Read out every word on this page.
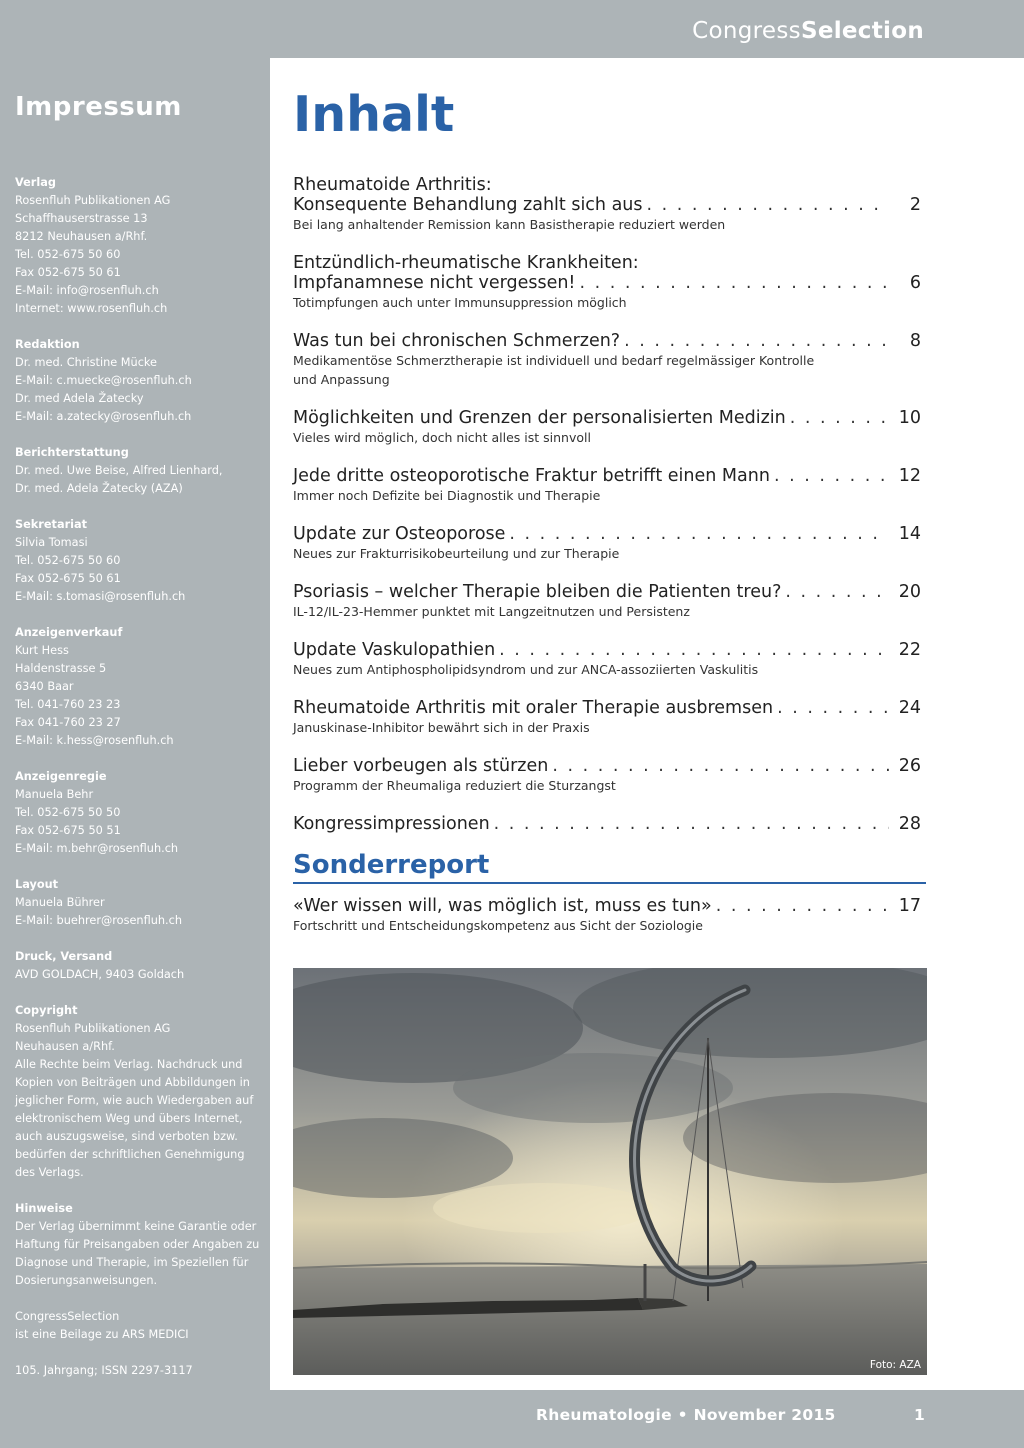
CongressSelection
Impressum
Verlag
Rosenfluh Publikationen AG
Schaffhauserstrasse 13
8212 Neuhausen a/Rhf.
Tel. 052-675 50 60
Fax 052-675 50 61
E-Mail: info@rosenfluh.ch
Internet: www.rosenfluh.ch
Redaktion
Dr. med. Christine Mücke
E-Mail: c.muecke@rosenfluh.ch
Dr. med Adela Žatecky
E-Mail: a.zatecky@rosenfluh.ch
Berichterstattung
Dr. med. Uwe Beise, Alfred Lienhard,
Dr. med. Adela Žatecky (AZA)
Sekretariat
Silvia Tomasi
Tel. 052-675 50 60
Fax 052-675 50 61
E-Mail: s.tomasi@rosenfluh.ch
Anzeigenverkauf
Kurt Hess
Haldenstrasse 5
6340 Baar
Tel. 041-760 23 23
Fax 041-760 23 27
E-Mail: k.hess@rosenfluh.ch
Anzeigenregie
Manuela Behr
Tel. 052-675 50 50
Fax 052-675 50 51
E-Mail: m.behr@rosenfluh.ch
Layout
Manuela Bührer
E-Mail: buehrer@rosenfluh.ch
Druck, Versand
AVD GOLDACH, 9403 Goldach
Copyright
Rosenfluh Publikationen AG
Neuhausen a/Rhf.
Alle Rechte beim Verlag. Nachdruck und
Kopien von Beiträgen und Abbildungen in
jeglicher Form, wie auch Wiedergaben auf
elektronischem Weg und übers Internet,
auch auszugsweise, sind verboten bzw.
bedürfen der schriftlichen Genehmigung
des Verlags.
Hinweise
Der Verlag übernimmt keine Garantie oder
Haftung für Preisangaben oder Angaben zu
Diagnose und Therapie, im Speziellen für
Dosierungsanweisungen.
CongressSelection
ist eine Beilage zu ARS MEDICI
105. Jahrgang; ISSN 2297-3117
Inhalt
Rheumatoide Arthritis:
Konsequente Behandlung zahlt sich aus . . .	2
Bei lang anhaltender Remission kann Basistherapie reduziert werden
Entzündlich-rheumatische Krankheiten:
Impfanamnese nicht vergessen! . . .	6
Totimpfungen auch unter Immunsuppression möglich
Was tun bei chronischen Schmerzen? . . .	8
Medikamentöse Schmerztherapie ist individuell und bedarf regelmässiger Kontrolle
und Anpassung
Möglichkeiten und Grenzen der personalisierten Medizin . . .	10
Vieles wird möglich, doch nicht alles ist sinnvoll
Jede dritte osteoporotische Fraktur betrifft einen Mann . . .	12
Immer noch Defizite bei Diagnostik und Therapie
Update zur Osteoporose . . .	14
Neues zur Frakturrisikobeurteilung und zur Therapie
Psoriasis – welcher Therapie bleiben die Patienten treu? . . .	20
IL-12/IL-23-Hemmer punktet mit Langzeitnutzen und Persistenz
Update Vaskulopathien . . .	22
Neues zum Antiphospholipidsyndrom und zur ANCA-assoziierten Vaskulitis
Rheumatoide Arthritis mit oraler Therapie ausbremsen . . .	24
Januskinase-Inhibitor bewährt sich in der Praxis
Lieber vorbeugen als stürzen . . .	26
Programm der Rheumaliga reduziert die Sturzangst
Kongressimpressionen . . .	28
Sonderreport
«Wer wissen will, was möglich ist, muss es tun» . . .	17
Fortschritt und Entscheidungskompetenz aus Sicht der Soziologie
Foto: AZA
Rheumatologie • November 2015	1
